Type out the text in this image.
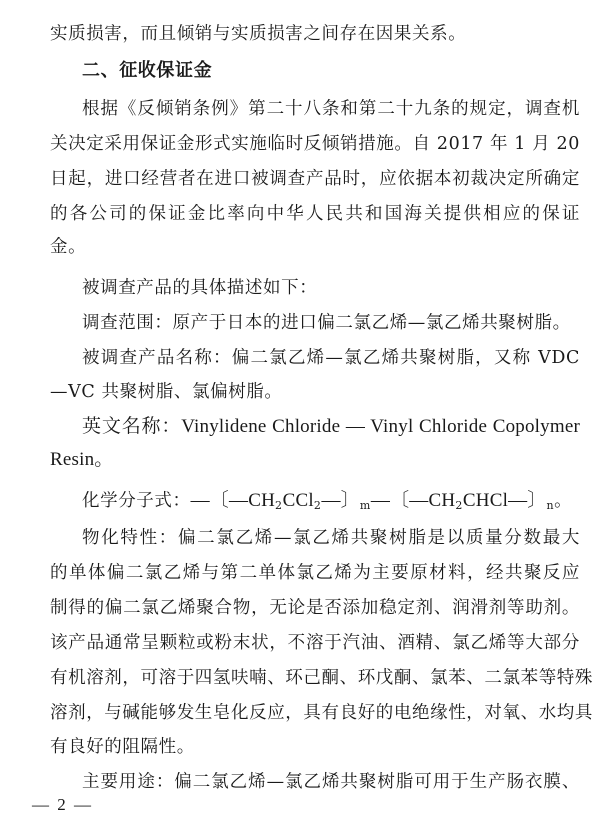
实质损害，而且倾销与实质损害之间存在因果关系。
二、征收保证金
根据《反倾销条例》第二十八条和第二十九条的规定，调查机
关决定采用保证金形式实施临时反倾销措施。自 2017 年 1 月 20
日起，进口经营者在进口被调查产品时，应依据本初裁决定所确定
的各公司的保证金比率向中华人民共和国海关提供相应的保证
金。
被调查产品的具体描述如下：
调查范围：原产于日本的进口偏二氯乙烯—氯乙烯共聚树脂。
被调查产品名称：偏二氯乙烯—氯乙烯共聚树脂，又称 VDC
—VC 共聚树脂、氯偏树脂。
英文名称：Vinylidene Chloride — Vinyl Chloride Copolymer
Resin。
化学分子式：—〔$—CH_2CCl_2—$〕$_m$—〔$—CH_2CHCl—$〕$_n$。
物化特性：偏二氯乙烯—氯乙烯共聚树脂是以质量分数最大
的单体偏二氯乙烯与第二单体氯乙烯为主要原材料，经共聚反应
制得的偏二氯乙烯聚合物，无论是否添加稳定剂、润滑剂等助剂。
该产品通常呈颗粒或粉末状，不溶于汽油、酒精、氯乙烯等大部分
有机溶剂，可溶于四氢呋喃、环己酮、环戊酮、氯苯、二氯苯等特殊
溶剂，与碱能够发生皂化反应，具有良好的电绝缘性，对氧、水均具
有良好的阻隔性。
主要用途：偏二氯乙烯—氯乙烯共聚树脂可用于生产肠衣膜、
— 2 —
